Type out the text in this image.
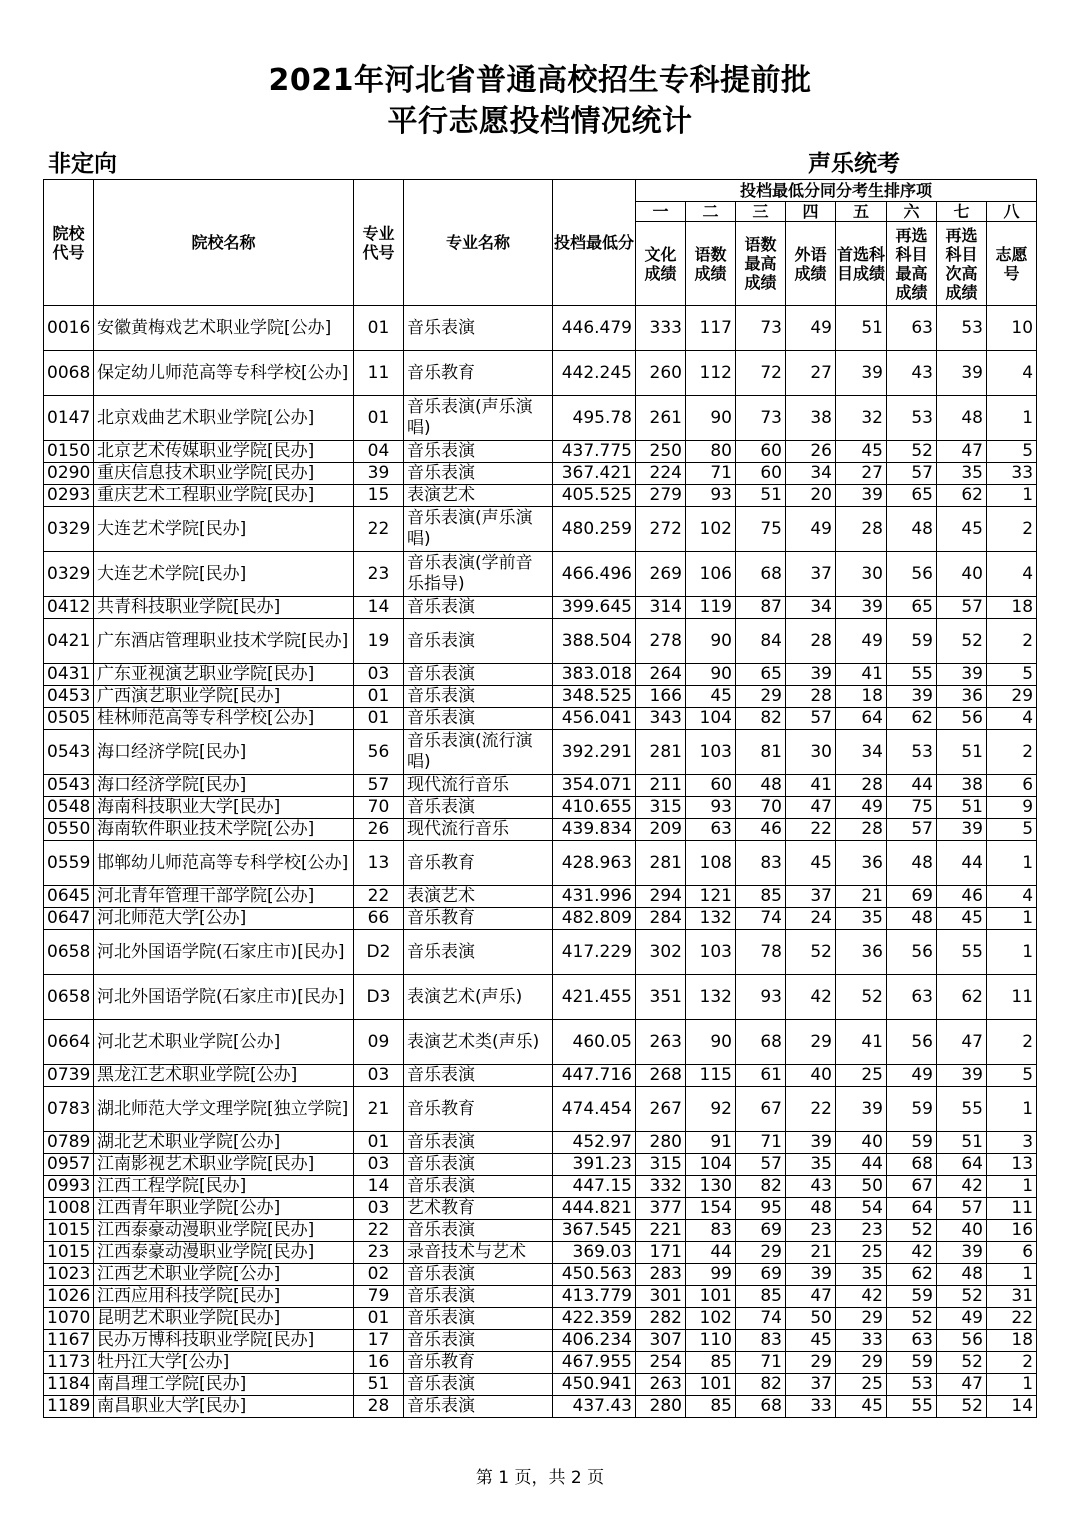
2021年河北省普通高校招生专科提前批
平行志愿投档情况统计
非定向	声乐统考
院校代号	院校名称	专业代号	专业名称	投档最低分	投档最低分同分考生排序项							
					一	二	三	四	五	六	七	八
					文化成绩	语数成绩	语数最高成绩	外语成绩	首选科目成绩	再选科目最高成绩	再选科目次高成绩	志愿号
0016	安徽黄梅戏艺术职业学院[公办]	01	音乐表演	446.479	333	117	73	49	51	63	53	10
0068	保定幼儿师范高等专科学校[公办]	11	音乐教育	442.245	260	112	72	27	39	43	39	4
0147	北京戏曲艺术职业学院[公办]	01	音乐表演(声乐演唱)	495.78	261	90	73	38	32	53	48	1
0150	北京艺术传媒职业学院[民办]	04	音乐表演	437.775	250	80	60	26	45	52	47	5
0290	重庆信息技术职业学院[民办]	39	音乐表演	367.421	224	71	60	34	27	57	35	33
0293	重庆艺术工程职业学院[民办]	15	表演艺术	405.525	279	93	51	20	39	65	62	1
0329	大连艺术学院[民办]	22	音乐表演(声乐演唱)	480.259	272	102	75	49	28	48	45	2
0329	大连艺术学院[民办]	23	音乐表演(学前音乐指导)	466.496	269	106	68	37	30	56	40	4
0412	共青科技职业学院[民办]	14	音乐表演	399.645	314	119	87	34	39	65	57	18
0421	广东酒店管理职业技术学院[民办]	19	音乐表演	388.504	278	90	84	28	49	59	52	2
0431	广东亚视演艺职业学院[民办]	03	音乐表演	383.018	264	90	65	39	41	55	39	5
0453	广西演艺职业学院[民办]	01	音乐表演	348.525	166	45	29	28	18	39	36	29
0505	桂林师范高等专科学校[公办]	01	音乐表演	456.041	343	104	82	57	64	62	56	4
0543	海口经济学院[民办]	56	音乐表演(流行演唱)	392.291	281	103	81	30	34	53	51	2
0543	海口经济学院[民办]	57	现代流行音乐	354.071	211	60	48	41	28	44	38	6
0548	海南科技职业大学[民办]	70	音乐表演	410.655	315	93	70	47	49	75	51	9
0550	海南软件职业技术学院[公办]	26	现代流行音乐	439.834	209	63	46	22	28	57	39	5
0559	邯郸幼儿师范高等专科学校[公办]	13	音乐教育	428.963	281	108	83	45	36	48	44	1
0645	河北青年管理干部学院[公办]	22	表演艺术	431.996	294	121	85	37	21	69	46	4
0647	河北师范大学[公办]	66	音乐教育	482.809	284	132	74	24	35	48	45	1
0658	河北外国语学院(石家庄市)[民办]	D2	音乐表演	417.229	302	103	78	52	36	56	55	1
0658	河北外国语学院(石家庄市)[民办]	D3	表演艺术(声乐)	421.455	351	132	93	42	52	63	62	11
0664	河北艺术职业学院[公办]	09	表演艺术类(声乐)	460.05	263	90	68	29	41	56	47	2
0739	黑龙江艺术职业学院[公办]	03	音乐表演	447.716	268	115	61	40	25	49	39	5
0783	湖北师范大学文理学院[独立学院]	21	音乐教育	474.454	267	92	67	22	39	59	55	1
0789	湖北艺术职业学院[公办]	01	音乐表演	452.97	280	91	71	39	40	59	51	3
0957	江南影视艺术职业学院[民办]	03	音乐表演	391.23	315	104	57	35	44	68	64	13
0993	江西工程学院[民办]	14	音乐表演	447.15	332	130	82	43	50	67	42	1
1008	江西青年职业学院[公办]	03	艺术教育	444.821	377	154	95	48	54	64	57	11
1015	江西泰豪动漫职业学院[民办]	22	音乐表演	367.545	221	83	69	23	23	52	40	16
1015	江西泰豪动漫职业学院[民办]	23	录音技术与艺术	369.03	171	44	29	21	25	42	39	6
1023	江西艺术职业学院[公办]	02	音乐表演	450.563	283	99	69	39	35	62	48	1
1026	江西应用科技学院[民办]	79	音乐表演	413.779	301	101	85	47	42	59	52	31
1070	昆明艺术职业学院[民办]	01	音乐表演	422.359	282	102	74	50	29	52	49	22
1167	民办万博科技职业学院[民办]	17	音乐表演	406.234	307	110	83	45	33	63	56	18
1173	牡丹江大学[公办]	16	音乐教育	467.955	254	85	71	29	29	59	52	2
1184	南昌理工学院[民办]	51	音乐表演	450.941	263	101	82	37	25	53	47	1
1189	南昌职业大学[民办]	28	音乐表演	437.43	280	85	68	33	45	55	52	14
第 1 页，共 2 页
